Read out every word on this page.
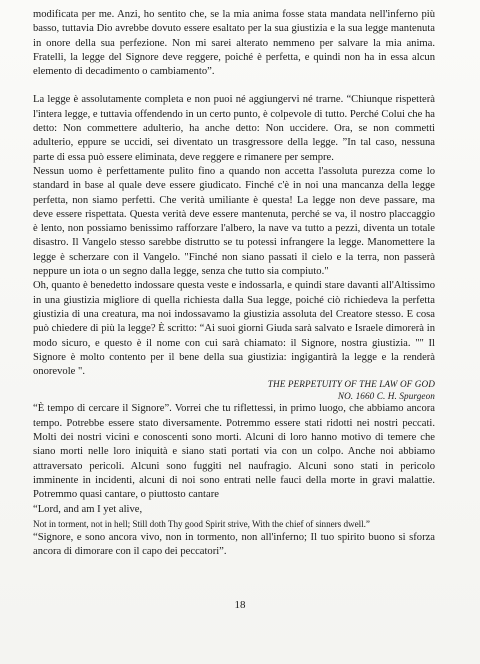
modificata per me. Anzi, ho sentito che, se la mia anima fosse stata mandata nell'inferno più basso, tuttavia Dio avrebbe dovuto essere esaltato per la sua giustizia e la sua legge mantenuta in onore della sua perfezione. Non mi sarei alterato nemmeno per salvare la mia anima. Fratelli, la legge del Signore deve reggere, poiché è perfetta, e quindi non ha in essa alcun elemento di decadimento o cambiamento”.

La legge è assolutamente completa e non puoi né aggiungervi né trarne. “Chiunque rispetterà l'intera legge, e tuttavia offendendo in un certo punto, è colpevole di tutto. Perché Colui che ha detto: Non commettere adulterio, ha anche detto: Non uccidere. Ora, se non commetti adulterio, eppure se uccidi, sei diventato un trasgressore della legge. ”In tal caso, nessuna parte di essa può essere eliminata, deve reggere e rimanere per sempre.

Nessun uomo è perfettamente pulito fino a quando non accetta l'assoluta purezza come lo standard in base al quale deve essere giudicato. Finché c'è in noi una mancanza della legge perfetta, non siamo perfetti. Che verità umiliante è questa! La legge non deve passare, ma deve essere rispettata. Questa verità deve essere mantenuta, perché se va, il nostro placcaggio è lento, non possiamo benissimo rafforzare l'albero, la nave va tutto a pezzi, diventa un totale disastro. Il Vangelo stesso sarebbe distrutto se tu potessi infrangere la legge. Manomettere la legge è scherzare con il Vangelo. "Finché non siano passati il cielo e la terra, non passerà neppure un iota o un segno dalla legge, senza che tutto sia compiuto."

Oh, quanto è benedetto indossare questa veste e indossarla, e quindi stare davanti all'Altissimo in una giustizia migliore di quella richiesta dalla Sua legge, poiché ciò richiedeva la perfetta giustizia di una creatura, ma noi indossavamo la giustizia assoluta del Creatore stesso. E cosa può chiedere di più la legge? È scritto: “Ai suoi giorni Giuda sarà salvato e Israele dimorerà in modo sicuro, e questo è il nome con cui sarà chiamato: il Signore, nostra giustizia. "" Il Signore è molto contento per il bene della sua giustizia: ingigantirà la legge e la renderà onorevole ".

THE PERPETUITY OF THE LAW OF GOD
NO. 1660 C. H. Spurgeon

“È tempo di cercare il Signore”. Vorrei che tu riflettessi, in primo luogo, che abbiamo ancora tempo. Potrebbe essere stato diversamente. Potremmo essere stati ridotti nei nostri peccati. Molti dei nostri vicini e conoscenti sono morti. Alcuni di loro hanno motivo di temere che siano morti nelle loro iniquità e siano stati portati via con un colpo. Anche noi abbiamo attraversato pericoli. Alcuni sono fuggiti nel naufragio. Alcuni sono stati in pericolo imminente in incidenti, alcuni di noi sono entrati nelle fauci della morte in gravi malattie. Potremmo quasi cantare, o piuttosto cantare

“Lord, and am I yet alive,

Not in torment, not in hell; Still doth Thy good Spirit strive, With the chief of sinners dwell.”

“Signore, e sono ancora vivo, non in tormento, non all'inferno; Il tuo spirito buono si sforza ancora di dimorare con il capo dei peccatori”.

18
